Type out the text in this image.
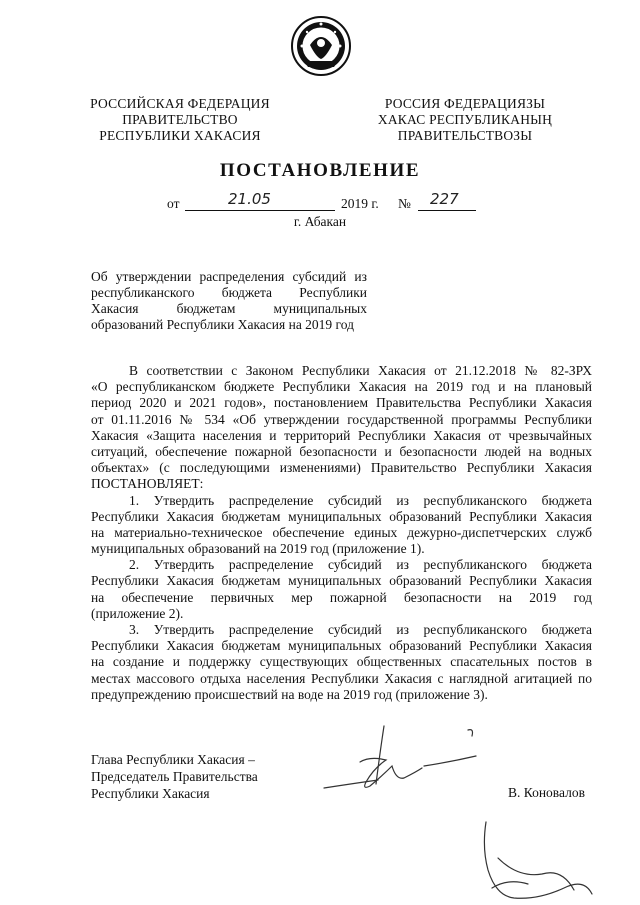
РОССИЙСКАЯ ФЕДЕРАЦИЯ
ПРАВИТЕЛЬСТВО
РЕСПУБЛИКИ ХАКАСИЯ
РОССИЯ ФЕДЕРАЦИЯЗЫ
ХАКАС РЕСПУБЛИКАНЫҢ
ПРАВИТЕЛЬСТВОЗЫ
ПОСТАНОВЛЕНИЕ
от	21.05	2019 г. № 227
г. Абакан
Об утверждении распределения субсидий из
республиканского бюджета Республики
Хакасия бюджетам муниципальных
образований Республики Хакасия на 2019 год
В соответствии с Законом Республики Хакасия от 21.12.2018 № 82-ЗРХ
«О республиканском бюджете Республики Хакасия на 2019 год и на плановый
период 2020 и 2021 годов», постановлением Правительства Республики Хакасия
от 01.11.2016 № 534 «Об утверждении государственной программы Республики
Хакасия «Защита населения и территорий Республики Хакасия от чрезвычайных
ситуаций, обеспечение пожарной безопасности и безопасности людей на водных
объектах» (с последующими изменениями) Правительство Республики Хакасия
ПОСТАНОВЛЯЕТ:
1. Утвердить распределение субсидий из республиканского бюджета
Республики Хакасия бюджетам муниципальных образований Республики Хакасия
на материально-техническое обеспечение единых дежурно-диспетчерских служб
муниципальных образований на 2019 год (приложение 1).
2. Утвердить распределение субсидий из республиканского бюджета
Республики Хакасия бюджетам муниципальных образований Республики Хакасия
на обеспечение первичных мер пожарной безопасности на 2019 год
(приложение 2).
3. Утвердить распределение субсидий из республиканского бюджета
Республики Хакасия бюджетам муниципальных образований Республики Хакасия
на создание и поддержку существующих общественных спасательных постов в
местах массового отдыха населения Республики Хакасия с наглядной агитацией по
предупреждению происшествий на воде на 2019 год (приложение 3).
Глава Республики Хакасия –
Председатель Правительства
Республики Хакасия	В. Коновалов
